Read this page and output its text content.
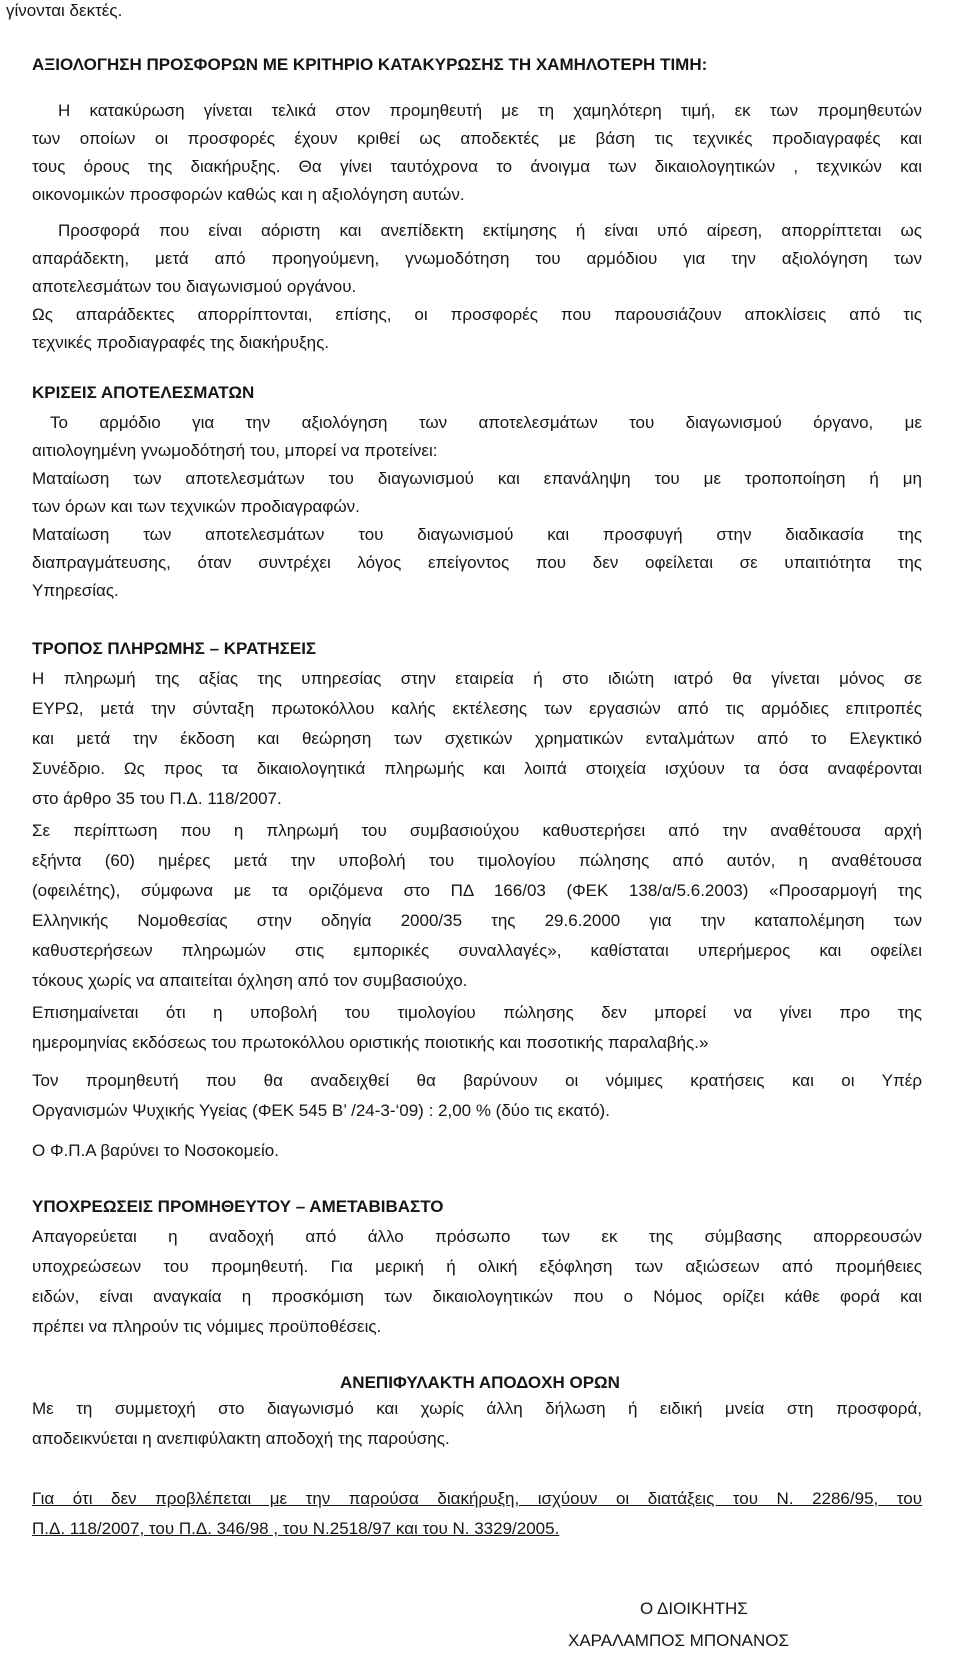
γίνονται δεκτές.
ΑΞΙΟΛΟΓΗΣΗ ΠΡΟΣΦΟΡΩΝ ΜΕ ΚΡΙΤΗΡΙΟ ΚΑΤΑΚΥΡΩΣΗΣ ΤΗ ΧΑΜΗΛΟΤΕΡΗ ΤΙΜΗ:
Η κατακύρωση γίνεται τελικά στον προμηθευτή με τη χαμηλότερη τιμή, εκ των προμηθευτών
των οποίων οι προσφορές έχουν κριθεί ως αποδεκτές με βάση τις τεχνικές προδιαγραφές και
τους όρους της διακήρυξης. Θα γίνει ταυτόχρονα το άνοιγμα των δικαιολογητικών , τεχνικών και
οικονομικών προσφορών καθώς και η αξιολόγηση αυτών.
Προσφορά που είναι αόριστη και ανεπίδεκτη εκτίμησης ή είναι υπό αίρεση, απορρίπτεται ως
απαράδεκτη, μετά από προηγούμενη, γνωμοδότηση του αρμόδιου για την αξιολόγηση των
αποτελεσμάτων του διαγωνισμού οργάνου.
Ως απαράδεκτες απορρίπτονται, επίσης, οι προσφορές που παρουσιάζουν αποκλίσεις από τις
τεχνικές προδιαγραφές της διακήρυξης.
ΚΡΙΣΕΙΣ ΑΠΟΤΕΛΕΣΜΑΤΩΝ
Το αρμόδιο για την αξιολόγηση των αποτελεσμάτων του διαγωνισμού όργανο, με
αιτιολογημένη γνωμοδότησή του, μπορεί να προτείνει:
Ματαίωση των αποτελεσμάτων του διαγωνισμού και επανάληψη του με τροποποίηση ή μη
των όρων και των τεχνικών προδιαγραφών.
Ματαίωση των αποτελεσμάτων του διαγωνισμού και προσφυγή στην διαδικασία της
διαπραγμάτευσης, όταν συντρέχει λόγος επείγοντος που δεν οφείλεται σε υπαιτιότητα της
Υπηρεσίας.
ΤΡΟΠΟΣ ΠΛΗΡΩΜΗΣ – ΚΡΑΤΗΣΕΙΣ
Η πληρωμή της αξίας της υπηρεσίας στην εταιρεία ή στο ιδιώτη ιατρό θα γίνεται μόνος σε
ΕΥΡΩ, μετά την σύνταξη πρωτοκόλλου καλής εκτέλεσης των εργασιών από τις αρμόδιες επιτροπές
και μετά την έκδοση και θεώρηση των σχετικών χρηματικών ενταλμάτων από το Ελεγκτικό
Συνέδριο. Ως προς τα δικαιολογητικά πληρωμής και λοιπά στοιχεία ισχύουν τα όσα αναφέρονται
στο άρθρο 35 του Π.Δ. 118/2007.
Σε περίπτωση που η πληρωμή του συμβασιούχου καθυστερήσει από την αναθέτουσα αρχή
εξήντα (60) ημέρες μετά την υποβολή του τιμολογίου πώλησης από αυτόν, η αναθέτουσα
(οφειλέτης), σύμφωνα με τα οριζόμενα στο ΠΔ 166/03 (ΦΕΚ 138/α/5.6.2003) «Προσαρμογή της
Ελληνικής Νομοθεσίας στην οδηγία 2000/35 της 29.6.2000 για την καταπολέμηση των
καθυστερήσεων πληρωμών στις εμπορικές συναλλαγές», καθίσταται υπερήμερος και οφείλει
τόκους χωρίς να απαιτείται όχληση από τον συμβασιούχο.
Επισημαίνεται ότι η υποβολή του τιμολογίου πώλησης δεν μπορεί να γίνει προ της
ημερομηνίας εκδόσεως του πρωτοκόλλου οριστικής ποιοτικής και ποσοτικής παραλαβής.»
Τον προμηθευτή που θα αναδειχθεί θα βαρύνουν οι νόμιμες κρατήσεις και οι Υπέρ
Οργανισμών Ψυχικής Υγείας (ΦΕΚ 545 Β’ /24-3-‘09) : 2,00 % (δύο τις εκατό).
Ο Φ.Π.Α βαρύνει το Νοσοκομείο.
ΥΠΟΧΡΕΩΣΕΙΣ ΠΡΟΜΗΘΕΥΤΟΥ – ΑΜΕΤΑΒΙΒΑΣΤΟ
Απαγορεύεται η αναδοχή από άλλο πρόσωπο των εκ της σύμβασης απορρεουσών
υποχρεώσεων του προμηθευτή. Για μερική ή ολική εξόφληση των αξιώσεων από προμήθειες
ειδών, είναι αναγκαία η προσκόμιση των δικαιολογητικών που ο Νόμος ορίζει κάθε φορά και
πρέπει να πληρούν τις νόμιμες προϋποθέσεις.
ΑΝΕΠΙΦΥΛΑΚΤΗ ΑΠΟΔΟΧΗ ΟΡΩΝ
Με τη συμμετοχή στο διαγωνισμό και χωρίς άλλη δήλωση ή ειδική μνεία στη προσφορά,
αποδεικνύεται η ανεπιφύλακτη αποδοχή της παρούσης.
Για ότι δεν προβλέπεται με την παρούσα διακήρυξη, ισχύουν οι διατάξεις του Ν. 2286/95, του
Π.Δ. 118/2007, του Π.Δ. 346/98 , του Ν.2518/97 και του Ν. 3329/2005.
Ο ΔΙΟΙΚΗΤΗΣ
ΧΑΡΑΛΑΜΠΟΣ ΜΠΟΝΑΝΟΣ
